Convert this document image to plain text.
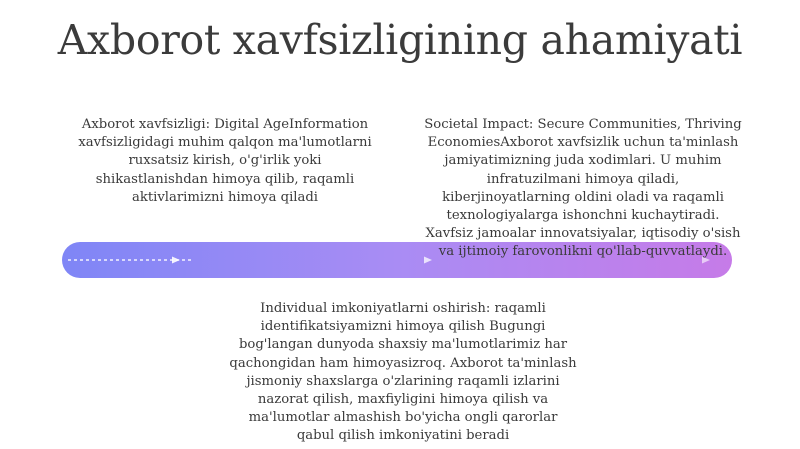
Axborot xavfsizligining ahamiyati
Axborot xavfsizligi: Digital AgeInformation xavfsizligidagi muhim qalqon ma'lumotlarni ruxsatsiz kirish, o'g'irlik yoki shikastlanishdan himoya qilib, raqamli aktivlarimizni himoya qiladi
Societal Impact: Secure Communities, Thriving EconomiesAxborot xavfsizlik uchun ta'minlash jamiyatimizning juda xodimlari. U muhim infratuzilmani himoya qiladi, kiberjinoyatlarning oldini oladi va raqamli texnologiyalarga ishonchni kuchaytiradi. Xavfsiz jamoalar innovatsiyalar, iqtisodiy o'sish va ijtimoiy farovonlikni qo'llab-quvvatlaydi.
Individual imkoniyatlarni oshirish: raqamli identifikatsiyamizni himoya qilish Bugungi bog'langan dunyoda shaxsiy ma'lumotlarimiz har qachongidan ham himoyasizroq. Axborot ta'minlash jismoniy shaxslarga o'zlarining raqamli izlarini nazorat qilish, maxfiyligini himoya qilish va ma'lumotlar almashish bo'yicha ongli qarorlar qabul qilish imkoniyatini beradi
